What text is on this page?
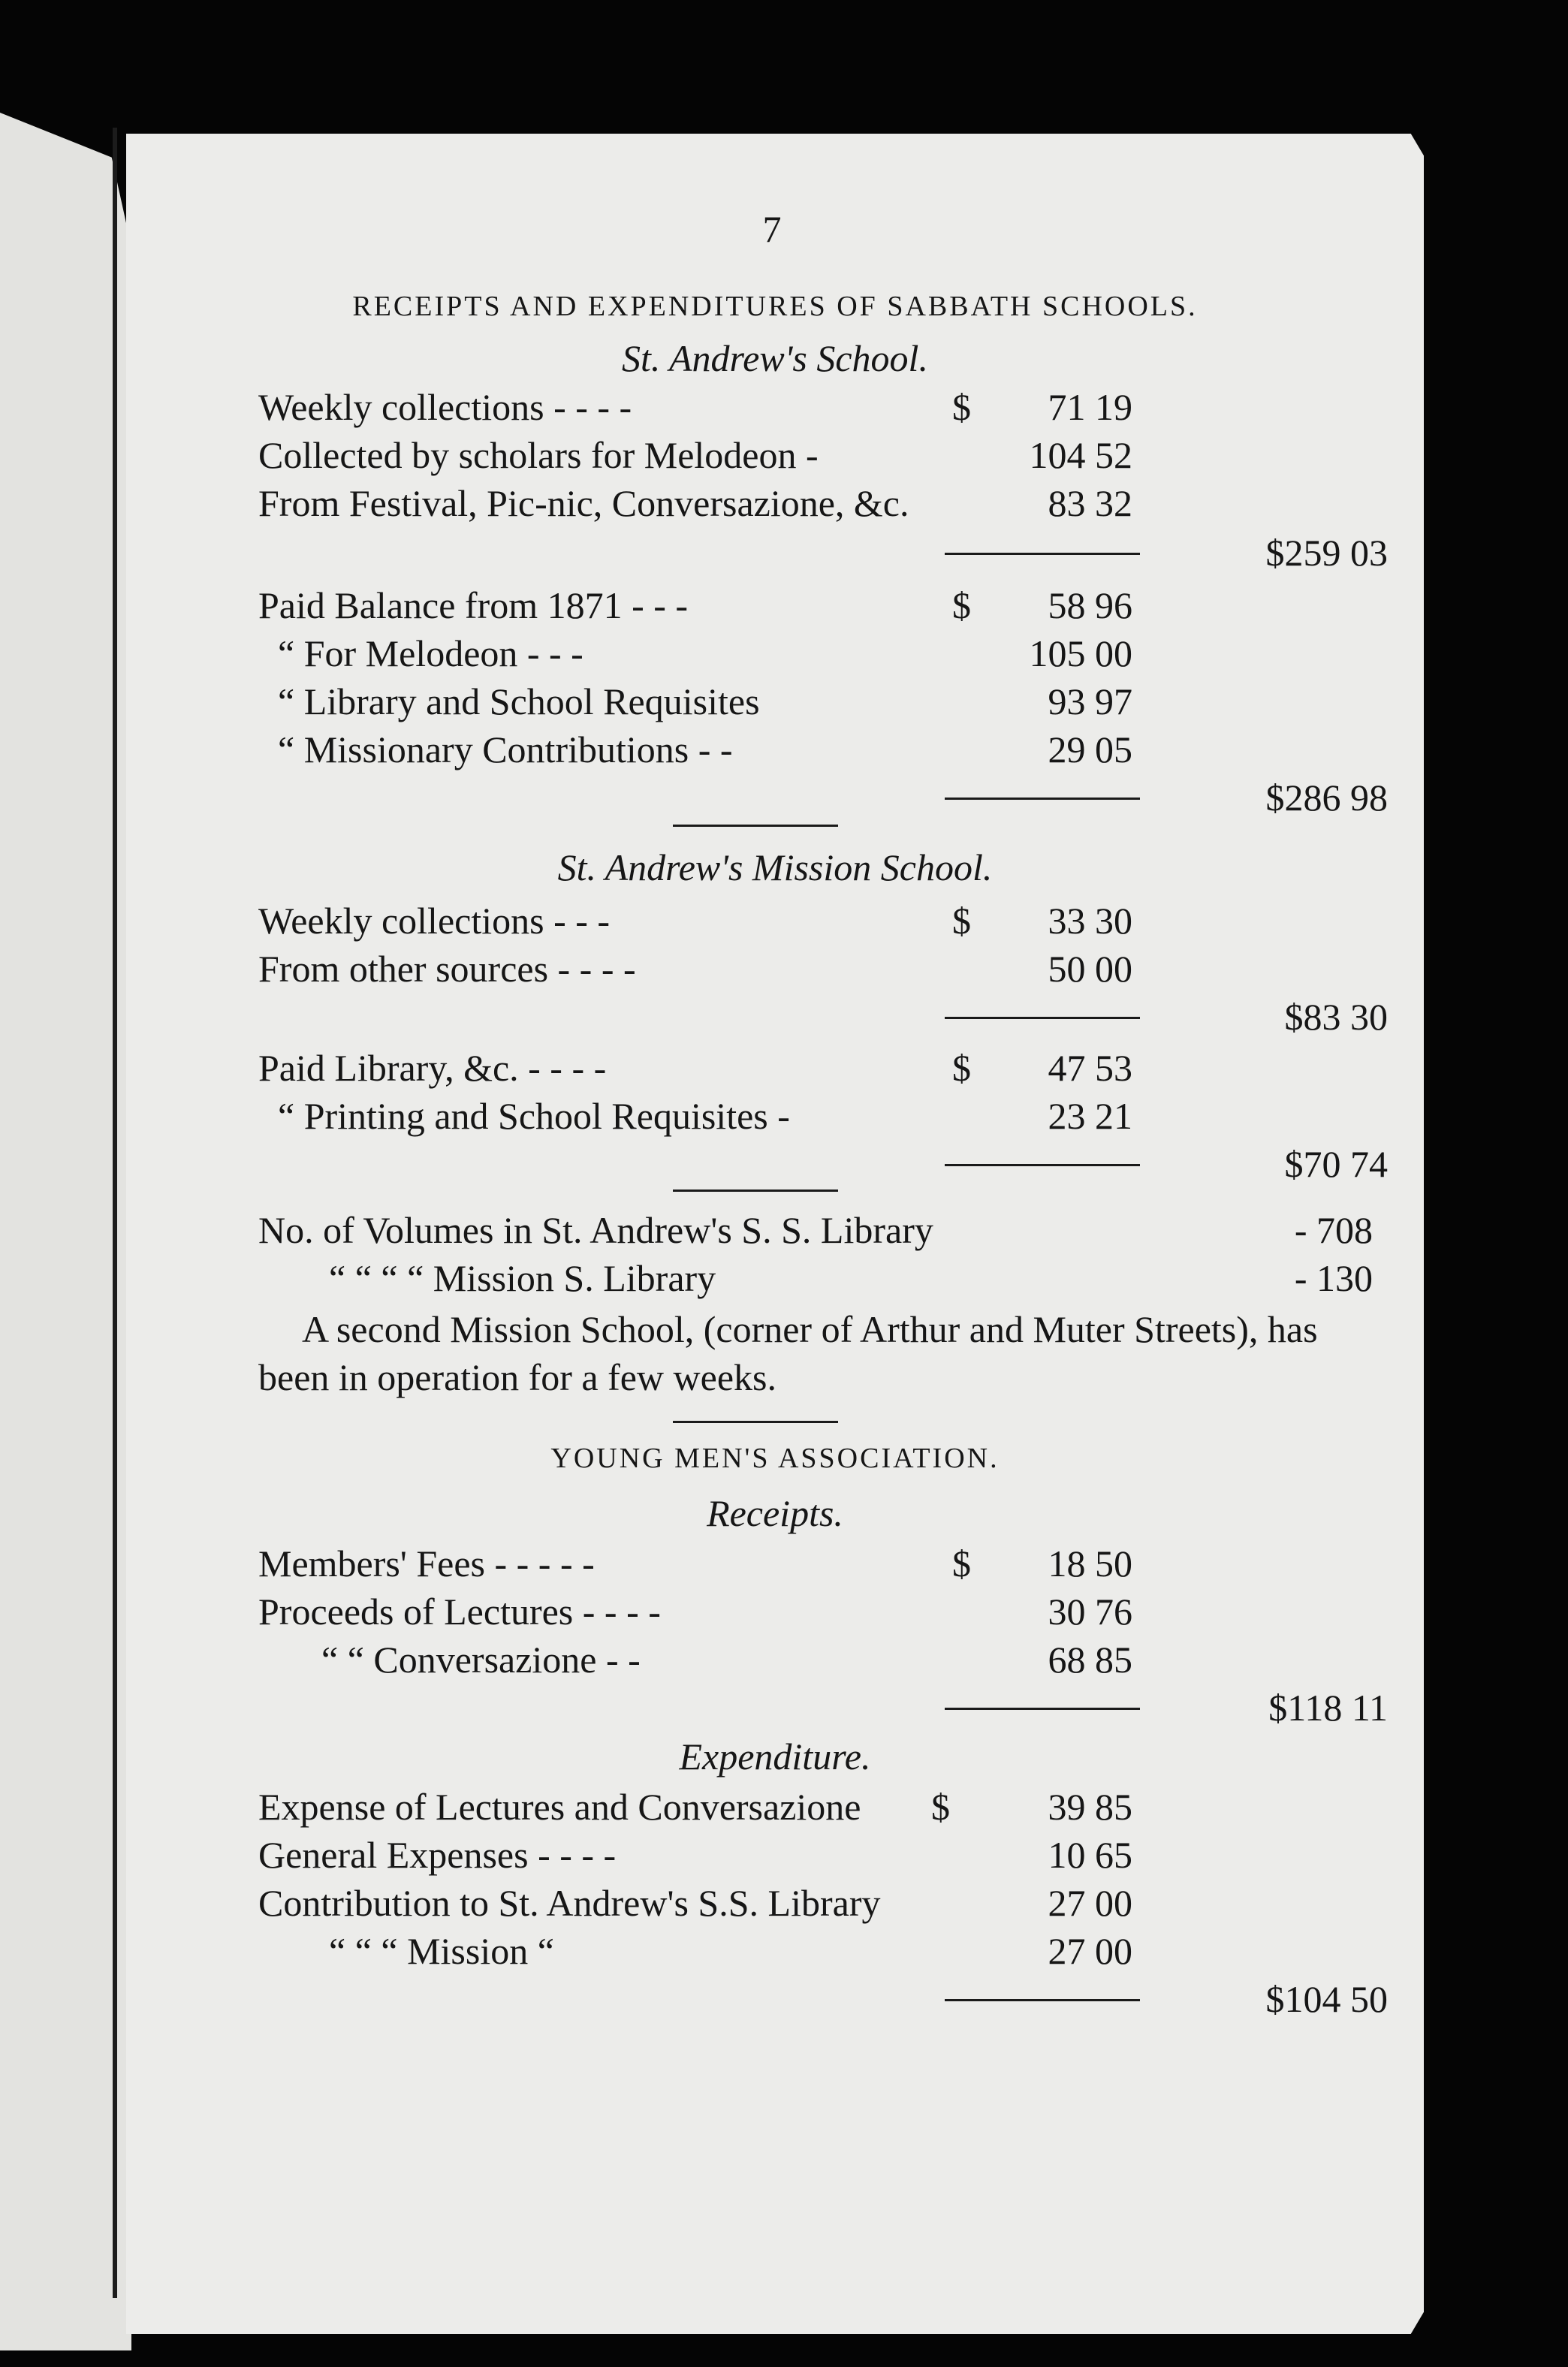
7
RECEIPTS AND EXPENDITURES OF SABBATH SCHOOLS.
St. Andrew's School.
Weekly collections - - - -	$	71 19
Collected by scholars for Melodeon -	104 52
From Festival, Pic-nic, Conversazione, &c.	83 32
$259 03
Paid Balance from 1871 - - -	$	58 96
“ For Melodeon - - -	105 00
“ Library and School Requisites	93 97
“ Missionary Contributions - -	29 05
$286 98
St. Andrew's Mission School.
Weekly collections - - -	$	33 30
From other sources - - - -	50 00
$83 30
Paid Library, &c. - - - -	$	47 53
“ Printing and School Requisites -	23 21
$70 74
No. of Volumes in St. Andrew's S. S. Library	- 708
“ “ “ “ Mission S. Library	- 130

A second Mission School, (corner of Arthur and Muter Streets), has been in operation for a few weeks.

YOUNG MEN'S ASSOCIATION.
Receipts.
Members' Fees - - - - -	$	18 50
Proceeds of Lectures - - - -	30 76
“ “ Conversazione - -	68 85
$118 11
Expenditure.
Expense of Lectures and Conversazione $	39 85
General Expenses - - - -	10 65
Contribution to St. Andrew's S.S. Library	27 00
“ “ “ Mission “	27 00
$104 50
